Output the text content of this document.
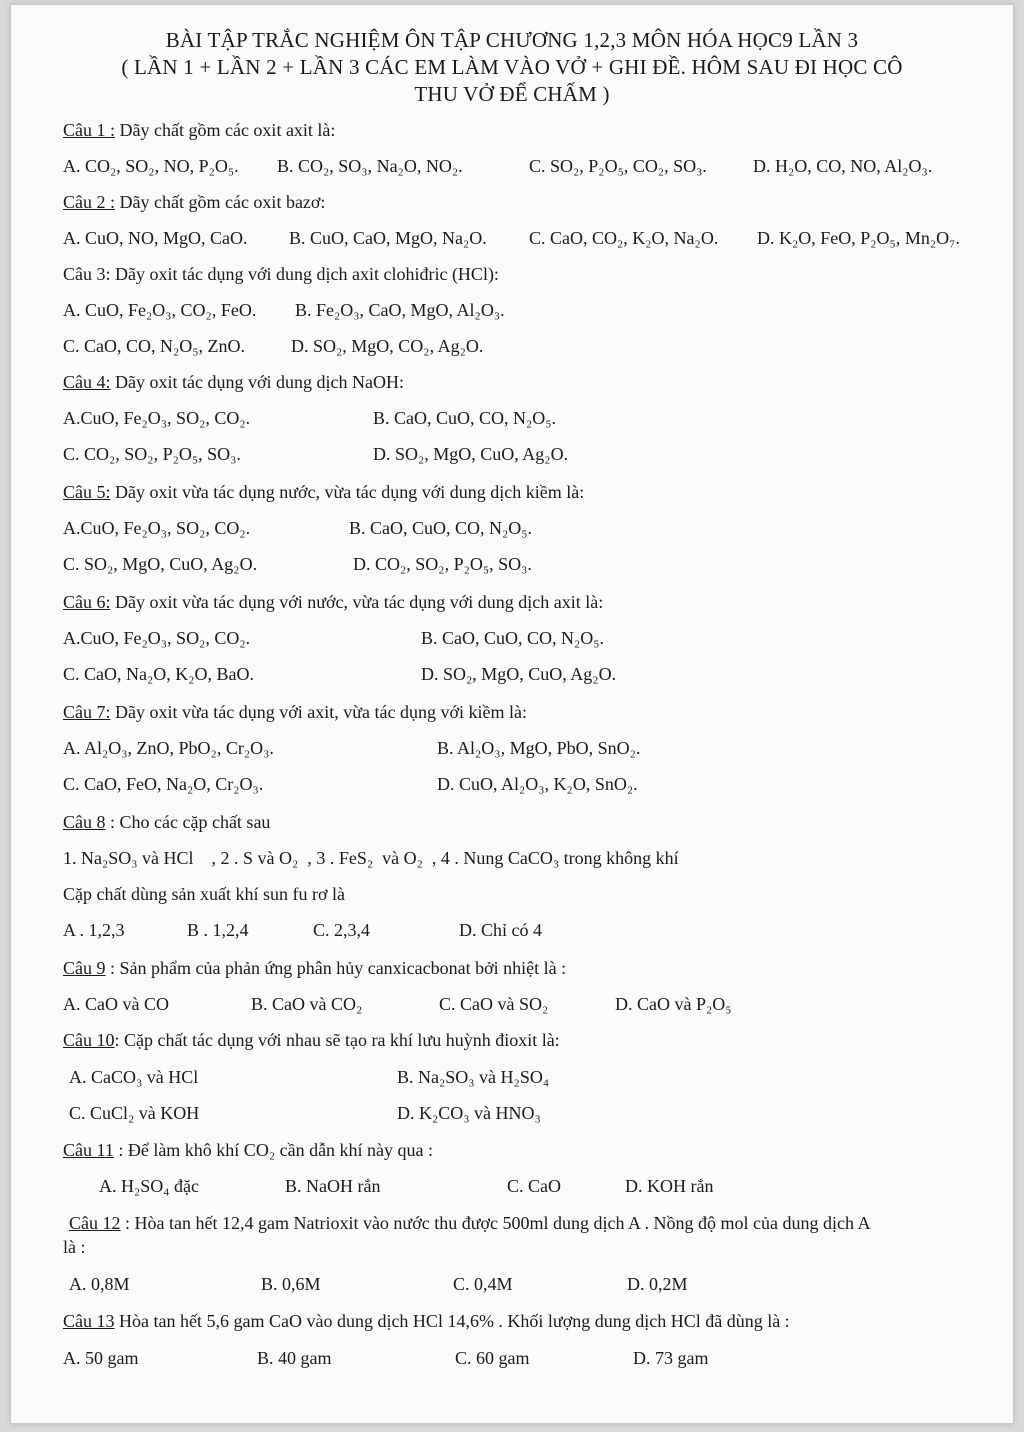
BÀI TẬP TRẮC NGHIỆM ÔN TẬP CHƯƠNG 1,2,3 MÔN HÓA HỌC9 LẦN 3
( LẦN 1 + LẦN 2 + LẦN 3 CÁC EM LÀM VÀO VỞ + GHI ĐỀ. HÔM SAU ĐI HỌC CÔ
THU VỞ ĐỂ CHẤM )
Câu 1 : Dãy chất gồm các oxit axit là:
A. CO₂, SO₂, NO, P₂O₅. B. CO₂, SO₃, Na₂O, NO₂.	C. SO₂, P₂O₅, CO₂, SO₃.	D. H₂O, CO, NO, Al₂O₃.
Câu 2 : Dãy chất gồm các oxit bazơ:
A. CuO, NO, MgO, CaO. B. CuO, CaO, MgO, Na₂O. C. CaO, CO₂, K₂O, Na₂O. D. K₂O, FeO, P₂O₅, Mn₂O₇.
Câu 3: Dãy oxit tác dụng với dung dịch axit clohiđric (HCl):
A. CuO, Fe₂O₃, CO₂, FeO. B. Fe₂O₃, CaO, MgO, Al₂O₃.
C. CaO, CO, N₂O₅, ZnO.	D. SO₂, MgO, CO₂, Ag₂O.
Câu 4: Dãy oxit tác dụng với dung dịch NaOH:
A.CuO, Fe₂O₃, SO₂, CO₂.	B. CaO, CuO, CO, N₂O₅.
C. CO₂, SO₂, P₂O₅, SO₃.	D. SO₂, MgO, CuO, Ag₂O.
Câu 5: Dãy oxit vừa tác dụng nước, vừa tác dụng với dung dịch kiềm là:
A.CuO, Fe₂O₃, SO₂, CO₂.	B. CaO, CuO, CO, N₂O₅.
C. SO₂, MgO, CuO, Ag₂O.	D. CO₂, SO₂, P₂O₅, SO₃.
Câu 6: Dãy oxit vừa tác dụng với nước, vừa tác dụng với dung dịch axit là:
A.CuO, Fe₂O₃, SO₂, CO₂.	B. CaO, CuO, CO, N₂O₅.
C. CaO, Na₂O, K₂O, BaO.	D. SO₂, MgO, CuO, Ag₂O.
Câu 7: Dãy oxit vừa tác dụng với axit, vừa tác dụng với kiềm là:
A. Al₂O₃, ZnO, PbO₂, Cr₂O₃.	B. Al₂O₃, MgO, PbO, SnO₂.
C. CaO, FeO, Na₂O, Cr₂O₃.	D. CuO, Al₂O₃, K₂O, SnO₂.
Câu 8 : Cho các cặp chất sau
1. Na₂SO₃ và HCl    , 2 . S và O₂  , 3 . FeS₂  và O₂  , 4 . Nung CaCO₃ trong không khí
Cặp chất dùng sản xuất khí sun fu rơ là
A . 1,2,3	B . 1,2,4	C. 2,3,4	D. Chỉ có 4
Câu 9 : Sản phẩm của phản ứng phân hủy canxicacbonat bởi nhiệt là :
A. CaO và CO	B. CaO và CO₂	C. CaO và SO₂	D. CaO và P₂O₅
Câu 10: Cặp chất tác dụng với nhau sẽ tạo ra khí lưu huỳnh đioxit là:
A. CaCO₃ và HCl	B. Na₂SO₃ và H₂SO₄
C. CuCl₂ và KOH	D. K₂CO₃ và HNO₃
Câu 11 : Để làm khô khí CO₂ cần dẫn khí này qua :
A. H₂SO₄ đặc	B. NaOH rắn	C. CaO	D. KOH rắn
Câu 12 : Hòa tan hết 12,4 gam Natrioxit vào nước thu được 500ml dung dịch A . Nồng độ mol của dung dịch A
là :
A. 0,8M	B. 0,6M	C. 0,4M	D. 0,2M
Câu 13 Hòa tan hết 5,6 gam CaO vào dung dịch HCl 14,6% . Khối lượng dung dịch HCl đã dùng là :
A. 50 gam	B. 40 gam	C. 60 gam	D. 73 gam
